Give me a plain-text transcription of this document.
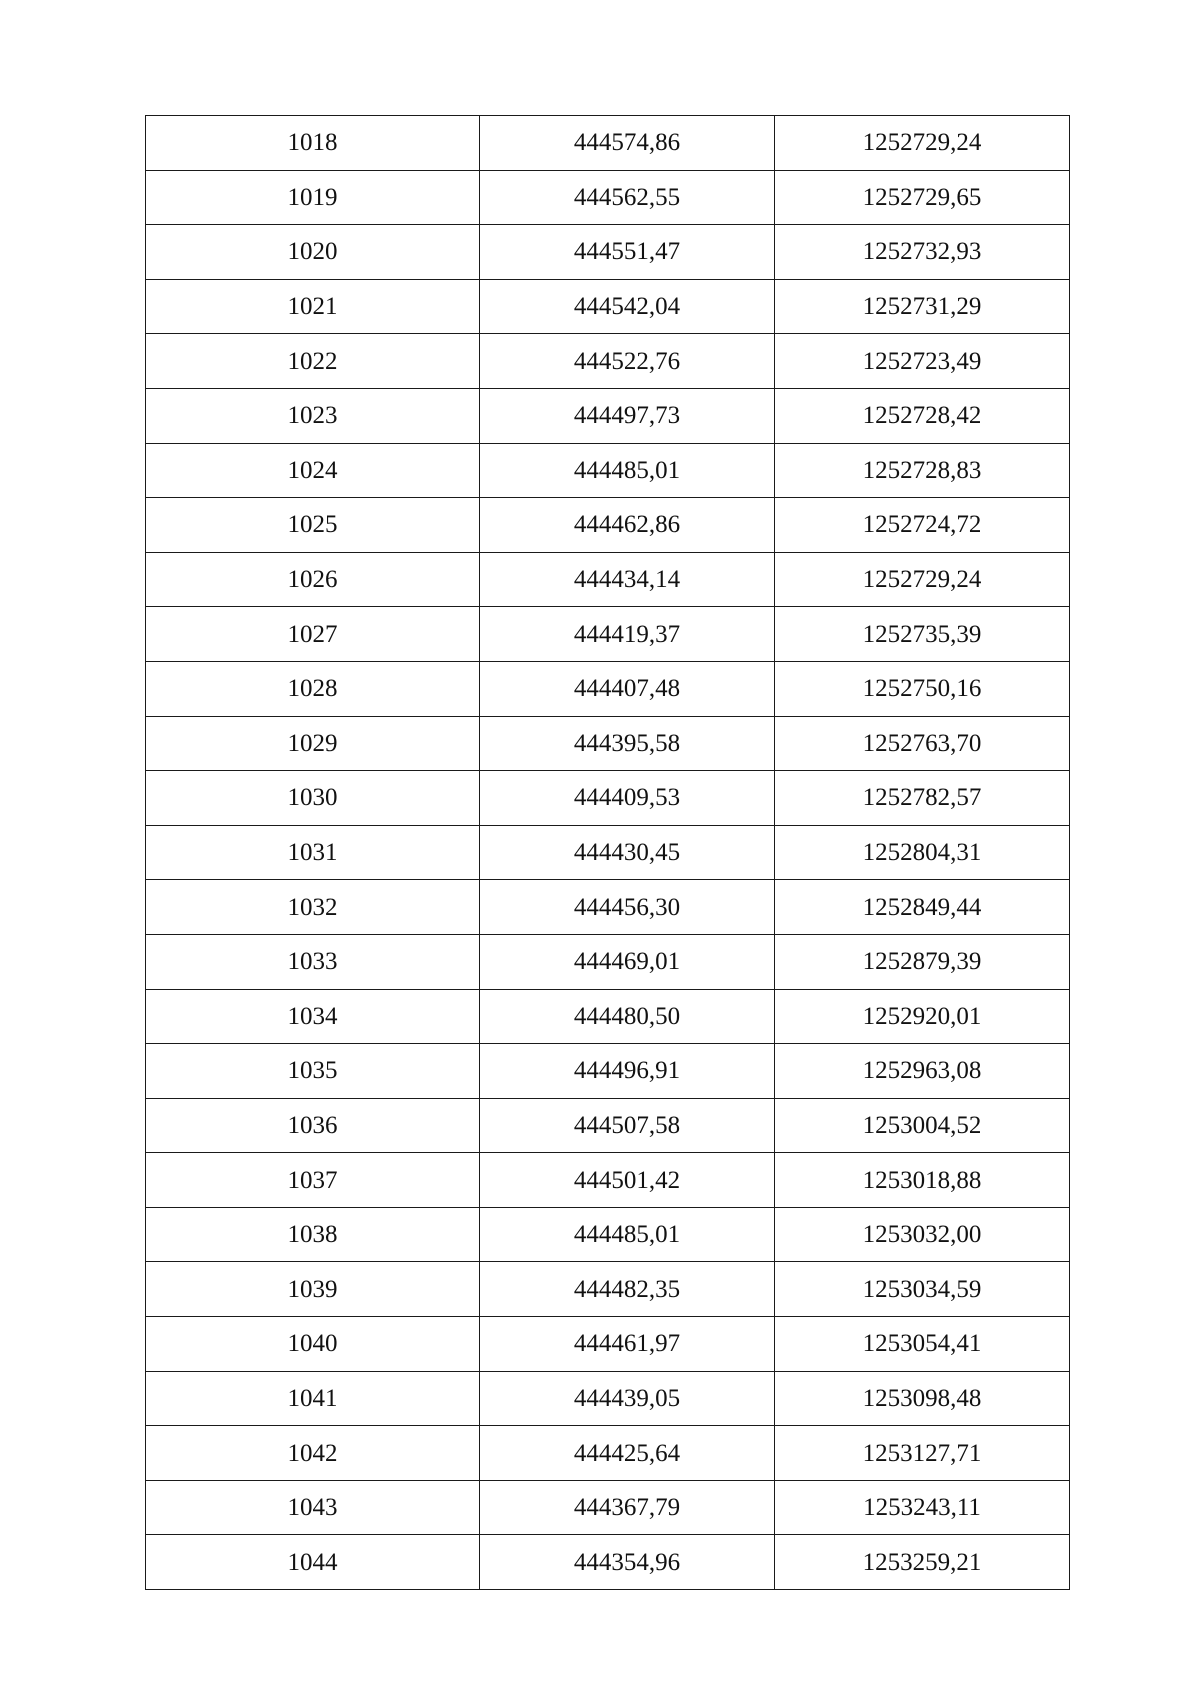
1018	444574,86	1252729,24
1019	444562,55	1252729,65
1020	444551,47	1252732,93
1021	444542,04	1252731,29
1022	444522,76	1252723,49
1023	444497,73	1252728,42
1024	444485,01	1252728,83
1025	444462,86	1252724,72
1026	444434,14	1252729,24
1027	444419,37	1252735,39
1028	444407,48	1252750,16
1029	444395,58	1252763,70
1030	444409,53	1252782,57
1031	444430,45	1252804,31
1032	444456,30	1252849,44
1033	444469,01	1252879,39
1034	444480,50	1252920,01
1035	444496,91	1252963,08
1036	444507,58	1253004,52
1037	444501,42	1253018,88
1038	444485,01	1253032,00
1039	444482,35	1253034,59
1040	444461,97	1253054,41
1041	444439,05	1253098,48
1042	444425,64	1253127,71
1043	444367,79	1253243,11
1044	444354,96	1253259,21
